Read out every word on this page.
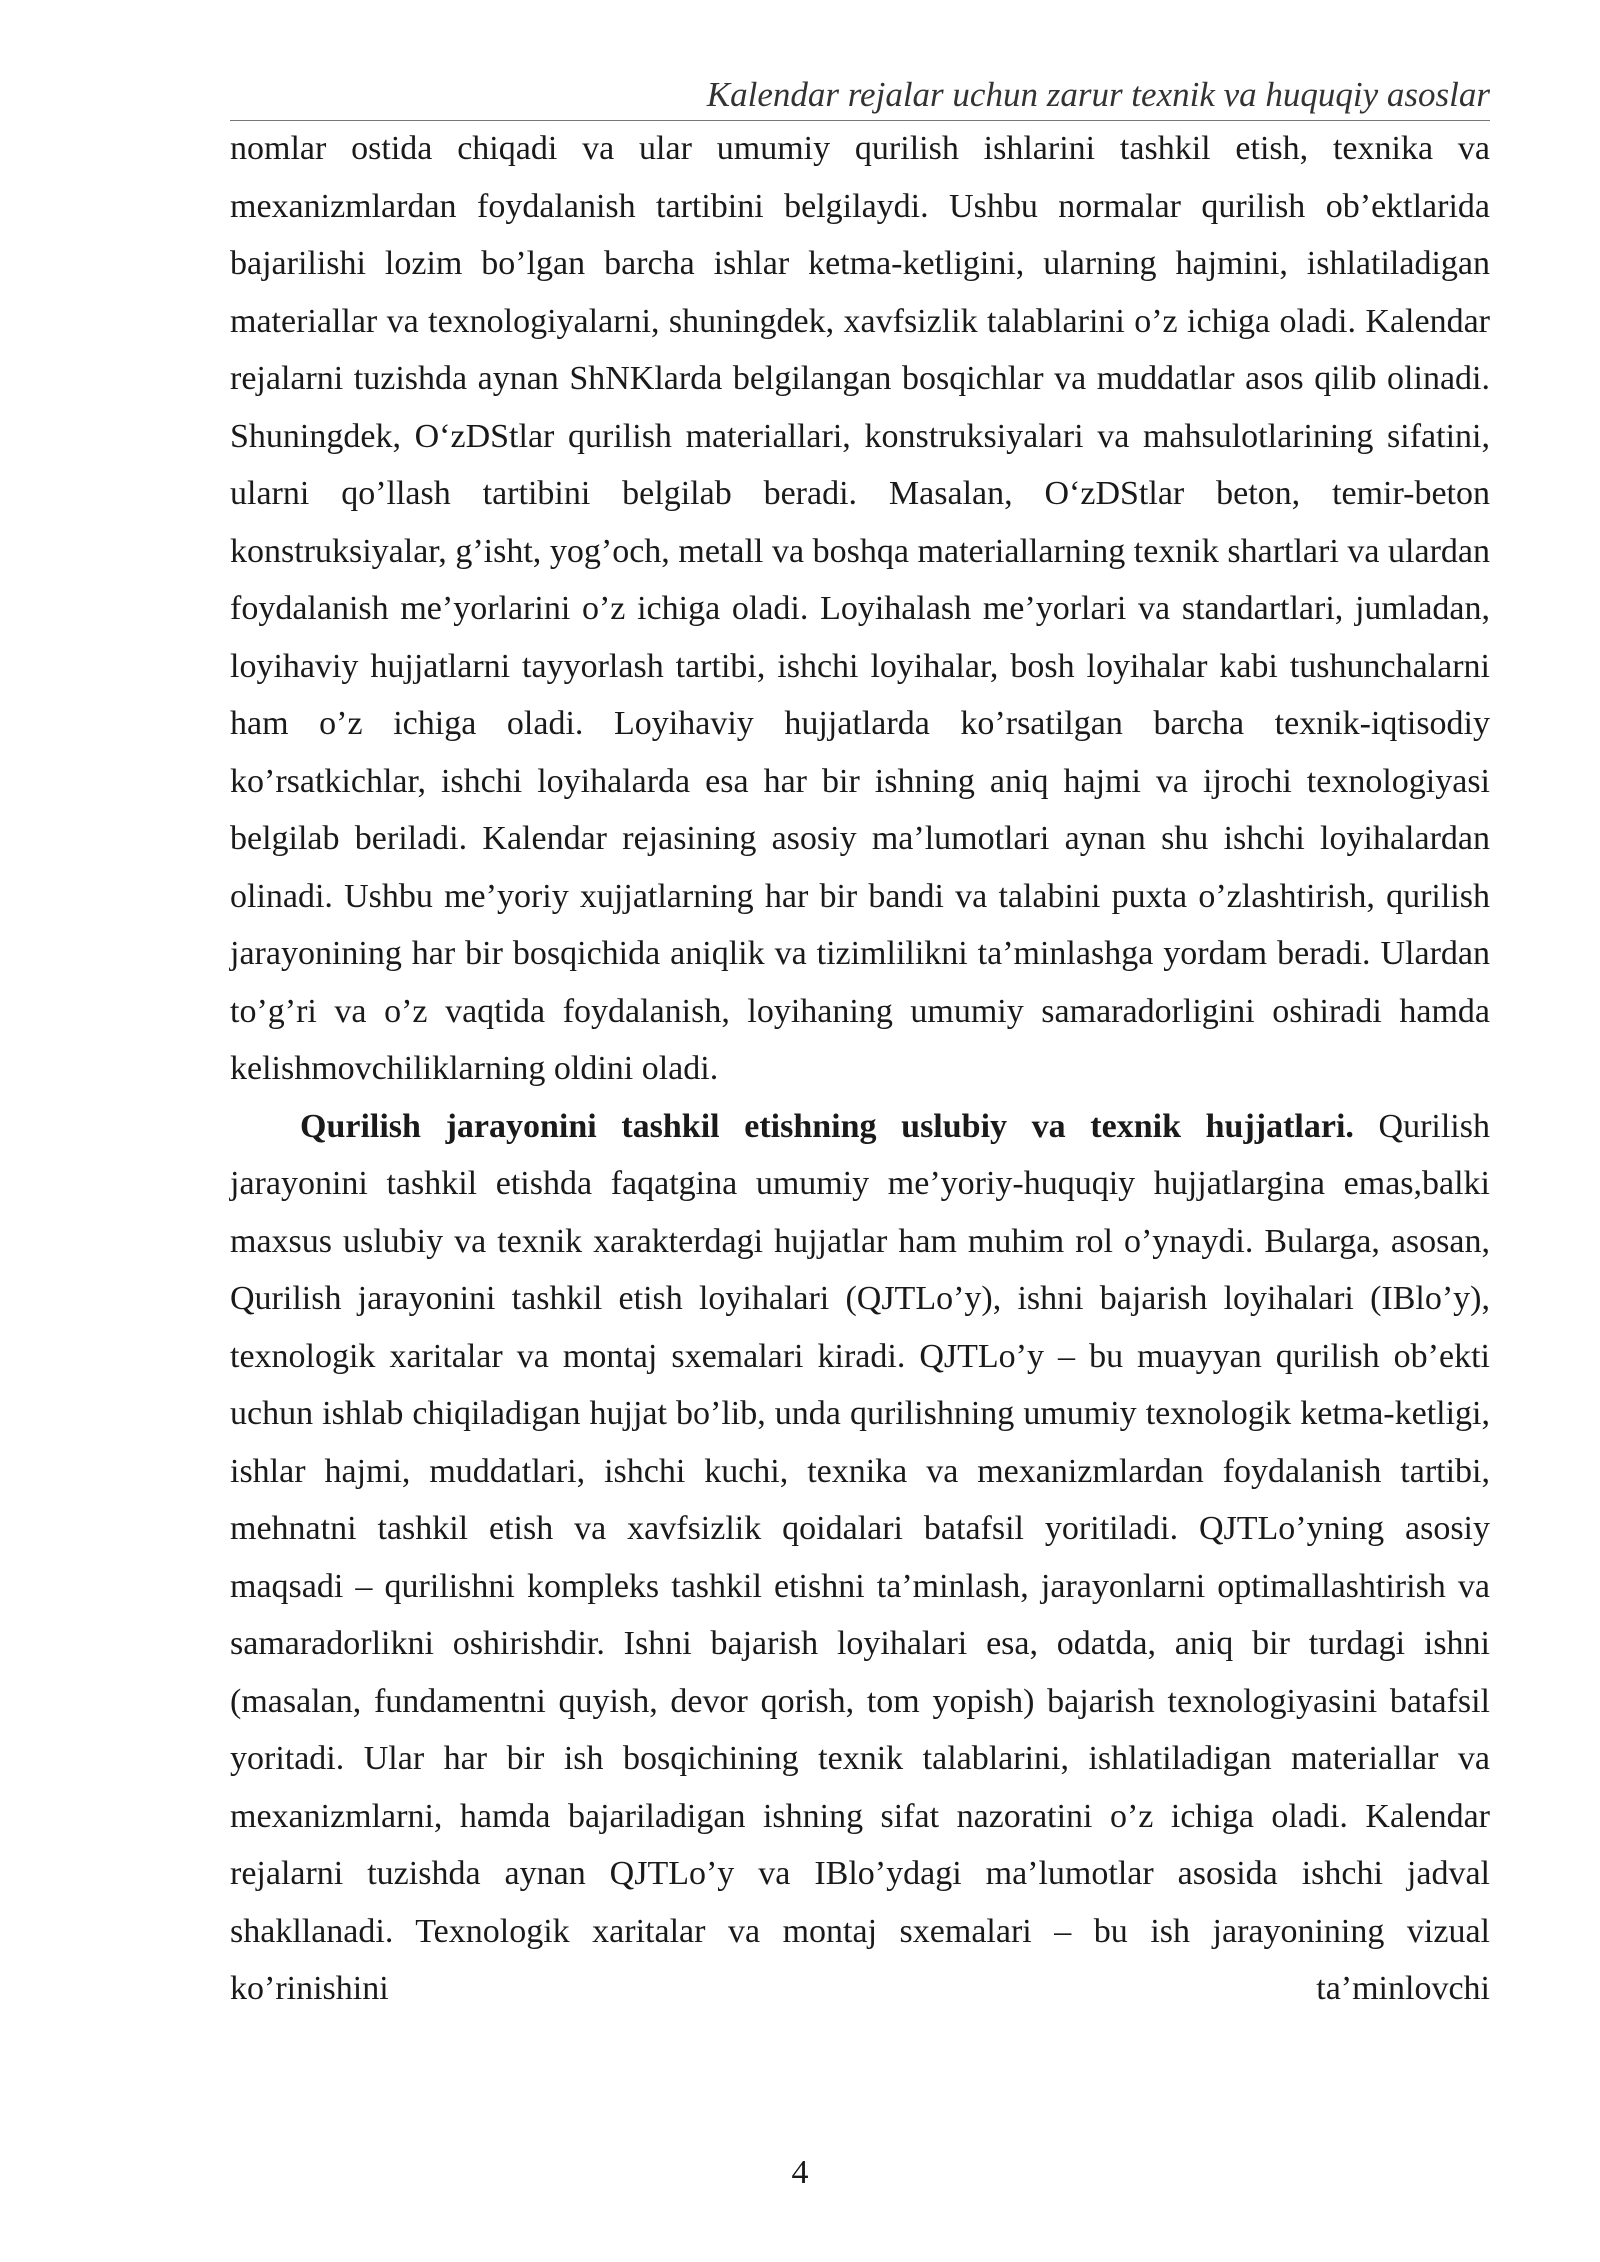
Kalendar rejalar uchun zarur texnik va huquqiy asoslar

nomlar ostida chiqadi va ular umumiy qurilish ishlarini tashkil etish, texnika va mexanizmlardan foydalanish tartibini belgilaydi. Ushbu normalar qurilish ob’ektlarida bajarilishi lozim bo’lgan barcha ishlar ketma-ketligini, ularning hajmini, ishlatiladigan materiallar va texnologiyalarni, shuningdek, xavfsizlik talablarini o’z ichiga oladi. Kalendar rejalarni tuzishda aynan ShNKlarda belgilangan bosqichlar va muddatlar asos qilib olinadi. Shuningdek, O‘zDStlar qurilish materiallari, konstruksiyalari va mahsulotlarining sifatini, ularni qo’llash tartibini belgilab beradi. Masalan, O‘zDStlar beton, temir-beton konstruksiyalar, g’isht, yog’och, metall va boshqa materiallarning texnik shartlari va ulardan foydalanish me’yorlarini o’z ichiga oladi. Loyihalash me’yorlari va standartlari, jumladan, loyihaviy hujjatlarni tayyorlash tartibi, ishchi loyihalar, bosh loyihalar kabi tushunchalarni ham o’z ichiga oladi. Loyihaviy hujjatlarda ko’rsatilgan barcha texnik-iqtisodiy ko’rsatkichlar, ishchi loyihalarda esa har bir ishning aniq hajmi va ijrochi texnologiyasi belgilab beriladi. Kalendar rejasining asosiy ma’lumotlari aynan shu ishchi loyihalardan olinadi. Ushbu me’yoriy xujjatlarning har bir bandi va talabini puxta o’zlashtirish, qurilish jarayonining har bir bosqichida aniqlik va tizimlilikni ta’minlashga yordam beradi. Ulardan to’g’ri va o’z vaqtida foydalanish, loyihaning umumiy samaradorligini oshiradi hamda kelishmovchiliklarning oldini oladi.

Qurilish jarayonini tashkil etishning uslubiy va texnik hujjatlari. Qurilish jarayonini tashkil etishda faqatgina umumiy me’yoriy-huquqiy hujjatlargina emas,balki maxsus uslubiy va texnik xarakterdagi hujjatlar ham muhim rol o’ynaydi. Bularga, asosan, Qurilish jarayonini tashkil etish loyihalari (QJTLo’y), ishni bajarish loyihalari (IBlo’y), texnologik xaritalar va montaj sxemalari kiradi. QJTLo’y – bu muayyan qurilish ob’ekti uchun ishlab chiqiladigan hujjat bo’lib, unda qurilishning umumiy texnologik ketma-ketligi, ishlar hajmi, muddatlari, ishchi kuchi, texnika va mexanizmlardan foydalanish tartibi, mehnatni tashkil etish va xavfsizlik qoidalari batafsil yoritiladi. QJTLo’yning asosiy maqsadi – qurilishni kompleks tashkil etishni ta’minlash, jarayonlarni optimallashtirish va samaradorlikni oshirishdir. Ishni bajarish loyihalari esa, odatda, aniq bir turdagi ishni (masalan, fundamentni quyish, devor qorish, tom yopish) bajarish texnologiyasini batafsil yoritadi. Ular har bir ish bosqichining texnik talablarini, ishlatiladigan materiallar va mexanizmlarni, hamda bajariladigan ishning sifat nazoratini o’z ichiga oladi. Kalendar rejalarni tuzishda aynan QJTLo’y va IBlo’ydagi ma’lumotlar asosida ishchi jadval shakllanadi. Texnologik xaritalar va montaj sxemalari – bu ish jarayonining vizual ko’rinishini ta’minlovchi

4
